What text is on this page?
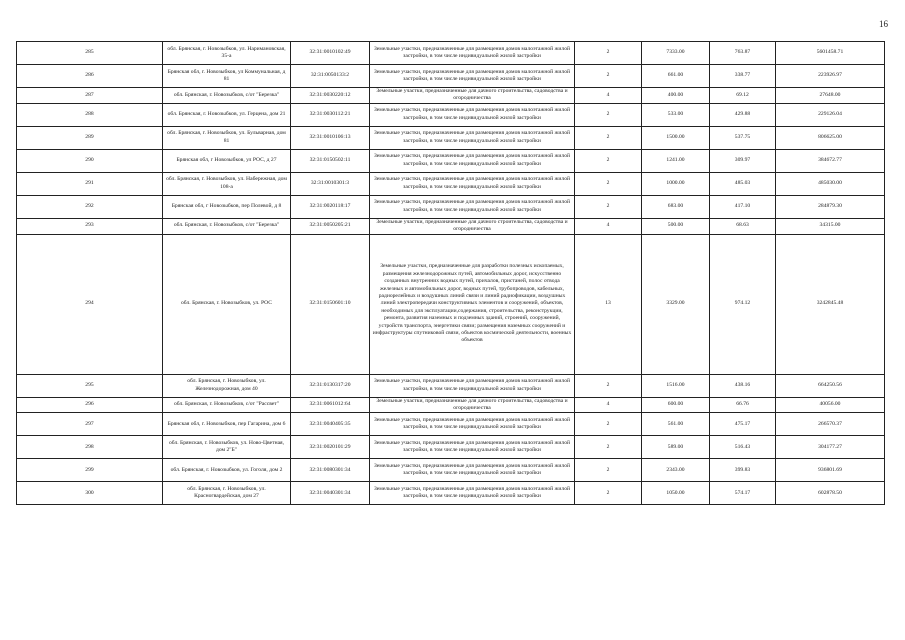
16
285	обл. Брянская, г. Новозыбков, ул. Наримановская, 35-а	32:31:0010102:49	Земельные участки, предназначенные для размещения домов малоэтажной жилой застройки, в том числе индивидуальной жилой застройки	2	7333.00	763.87	5601458.71
286	Брянская обл, г. Новозыбков, ул Коммунальная, д 81	32:31:0050133:2	Земельные участки, предназначенные для размещения домов малоэтажной жилой застройки, в том числе индивидуальной жилой застройки	2	661.00	338.77	223926.97
287	обл. Брянская, г. Новозыбков, с/от "Березка"	32:31:0030220:12	Земельные участки, предназначенные для дачного строительства, садоводства и огородничества	4	400.00	69.12	27648.00
288	обл. Брянская, г. Новозыбков, ул. Герцена, дом 21	32:31:0030112:21	Земельные участки, предназначенные для размещения домов малоэтажной жилой застройки, в том числе индивидуальной жилой застройки	2	533.00	429.88	229126.04
289	обл. Брянская, г. Новозыбков, ул. Бульварная, дом 81	32:31:0010106:13	Земельные участки, предназначенные для размещения домов малоэтажной жилой застройки, в том числе индивидуальной жилой застройки	2	1500.00	537.75	806625.00
290	Брянская обл, г Новозыбков, ул РОС, д 27	32:31:0150502:11	Земельные участки, предназначенные для размещения домов малоэтажной жилой застройки, в том числе индивидуальной жилой застройки	2	1241.00	309.97	384672.77
291	обл. Брянская, г. Новозыбков, ул. Набережная, дом 108-а	32:31:0010301:3	Земельные участки, предназначенные для размещения домов малоэтажной жилой застройки, в том числе индивидуальной жилой застройки	2	1000.00	485.03	485030.00
292	Брянская обл, г Новозыбков, пер Полевой, д 8	32:31:0020118:17	Земельные участки, предназначенные для размещения домов малоэтажной жилой застройки, в том числе индивидуальной жилой застройки	2	683.00	417.10	284879.30
293	обл. Брянская, г. Новозыбков, с/от "Березка"	32:31:0050205:21	Земельные участки, предназначенные для дачного строительства, садоводства и огородничества	4	500.00	68.63	34315.00
294	обл. Брянская, г. Новозыбков, ул. РОС	32:31:0150601:10	Земельные участки, предназначенные для разработки полезных ископаемых, размещения железнодорожных путей, автомобильных дорог, искусственно созданных внутренних водных путей, причалов, пристаней, полос отвода железных и автомобильных дорог, водных путей, трубопроводов, кабельных, радиорелейных и воздушных линий связи и линий радиофикации, воздушных линий электропередачи конструктивных элементов и сооружений, объектов, необходимых для эксплуатации,содержания, строительства, реконструкции, ремонта, развития наземных и подземных зданий, строений, сооружений, устройств транспорта, энергетики связи; размещения наземных сооружений и инфраструктуры спутниковой связи, объектов космической деятельности, военных объектов	13	3329.00	974.12	3242845.48
295	обл. Брянская, г. Новозыбков, ул. Железнодорожная, дом 40	32:31:0130317:20	Земельные участки, предназначенные для размещения домов малоэтажной жилой застройки, в том числе индивидуальной жилой застройки	2	1516.00	438.16	664250.56
296	обл. Брянская, г. Новозыбков, с/от "Рассвет"	32:31:0061012:64	Земельные участки, предназначенные для дачного строительства, садоводства и огородничества	4	600.00	66.76	40056.00
297	Брянская обл, г. Новозыбков, пер Гагарина, дом 6	32:31:0040405:35	Земельные участки, предназначенные для размещения домов малоэтажной жилой застройки, в том числе индивидуальной жилой застройки	2	561.00	475.17	266570.37
298	обл. Брянская, г. Новозыбков, ул. Ново-Цветная, дом 2"Б"	32:31:0020101:29	Земельные участки, предназначенные для размещения домов малоэтажной жилой застройки, в том числе индивидуальной жилой застройки	2	589.00	516.43	304177.27
299	обл. Брянская, г. Новозыбков, ул. Гоголя, дом 2	32:31:0080301:34	Земельные участки, предназначенные для размещения домов малоэтажной жилой застройки, в том числе индивидуальной жилой застройки	2	2343.00	399.83	936801.69
300	обл. Брянская, г. Новозыбков, ул. Красногвардейская, дом 27	32:31:0040301:34	Земельные участки, предназначенные для размещения домов малоэтажной жилой застройки, в том числе индивидуальной жилой застройки	2	1050.00	574.17	602878.50
